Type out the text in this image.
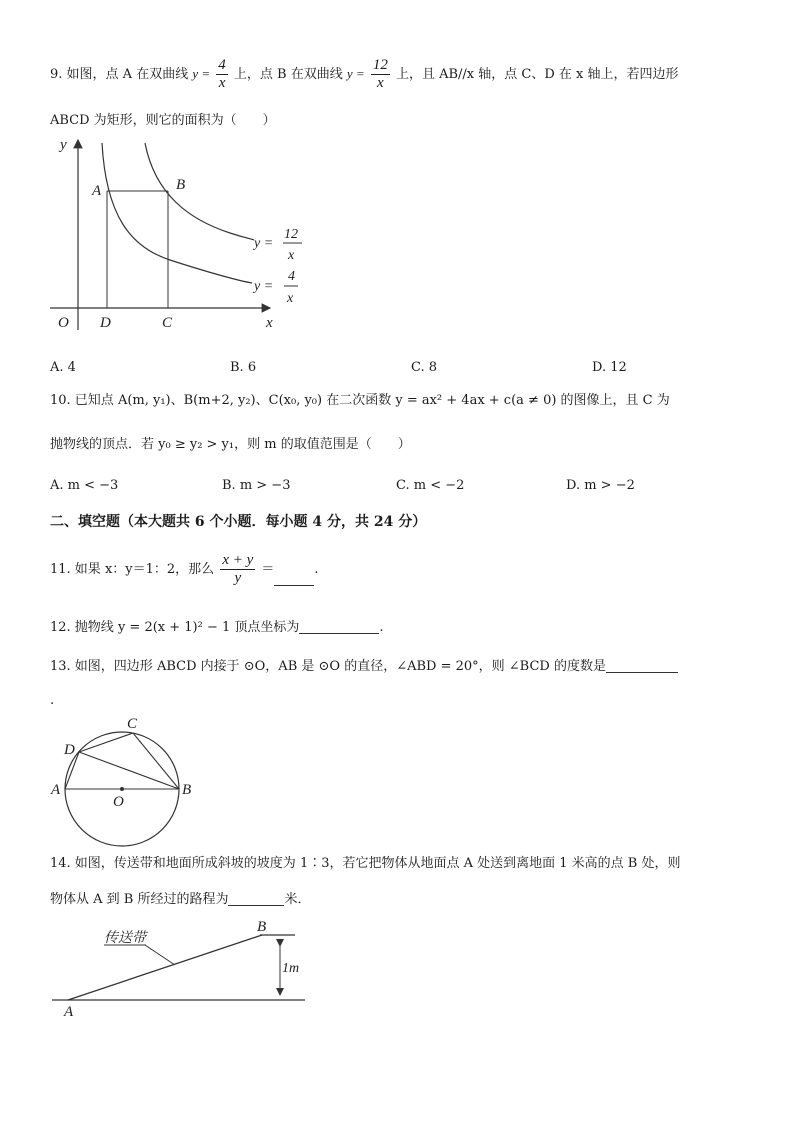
9. 如图，点 A 在双曲线 $y = \frac{4}{x}$ 上，点 B 在双曲线 $y = \frac{12}{x}$ 上，且 AB//x 轴，点 C、D 在 x 轴上，若四边形
ABCD 为矩形，则它的面积为（　　）
y
x
O
A	B
D	C
y =
12
x
y =
4
x
A. 4	B. 6	C. 8	D. 12
10. 已知点 A(m, y₁)、B(m+2, y₂)、C(x₀, y₀) 在二次函数 y = ax² + 4ax + c(a ≠ 0) 的图像上，且 C 为
抛物线的顶点．若 y₀ ≥ y₂ > y₁，则 m 的取值范围是（　　）
A. m < −3	B. m > −3	C. m < −2	D. m > −2
二、填空题（本大题共 6 个小题．每小题 4 分，共 24 分）
11. 如果 x：y＝1：2，那么 $\frac{x + y}{y}$ ＝	.
12. 抛物线 y = 2(x + 1)² − 1 顶点坐标为	.
13. 如图，四边形 ABCD 内接于 ⊙O，AB 是 ⊙O 的直径，∠ABD = 20°，则 ∠BCD 的度数是
.
A	B
C
D
O
14. 如图，传送带和地面所成斜坡的坡度为 1∶3，若它把物体从地面点 A 处送到离地面 1 米高的点 B 处，则
物体从 A 到 B 所经过的路程为	米．
传送带
A
B
1m
